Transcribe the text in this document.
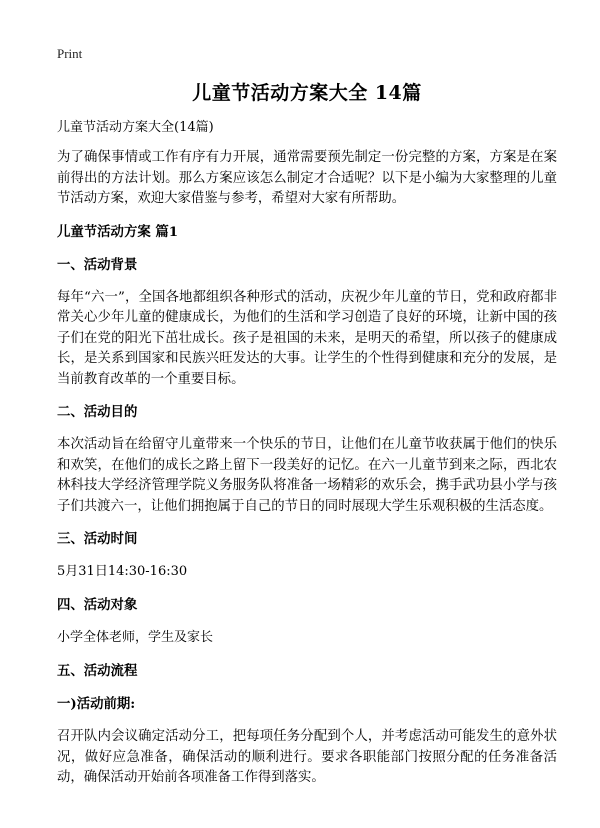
Print
儿童节活动方案大全 14篇
儿童节活动方案大全(14篇)

为了确保事情或工作有序有力开展，通常需要预先制定一份完整的方案，方案是在案前得出的方法计划。那么方案应该怎么制定才合适呢？以下是小编为大家整理的儿童节活动方案，欢迎大家借鉴与参考，希望对大家有所帮助。

儿童节活动方案 篇1
一、活动背景

每年“六一”，全国各地都组织各种形式的活动，庆祝少年儿童的节日，党和政府都非常关心少年儿童的健康成长，为他们的生活和学习创造了良好的环境，让新中国的孩子们在党的阳光下茁壮成长。孩子是祖国的未来，是明天的希望，所以孩子的健康成长，是关系到国家和民族兴旺发达的大事。让学生的个性得到健康和充分的发展，是当前教育改革的一个重要目标。

二、活动目的

本次活动旨在给留守儿童带来一个快乐的节日，让他们在儿童节收获属于他们的快乐和欢笑，在他们的成长之路上留下一段美好的记忆。在六一儿童节到来之际，西北农林科技大学经济管理学院义务服务队将准备一场精彩的欢乐会，携手武功县小学与孩子们共渡六一，让他们拥抱属于自己的节日的同时展现大学生乐观积极的生活态度。

三、活动时间

5月31日14:30-16:30

四、活动对象

小学全体老师，学生及家长

五、活动流程
一)活动前期:

召开队内会议确定活动分工，把每项任务分配到个人，并考虑活动可能发生的意外状况，做好应急准备，确保活动的顺利进行。要求各职能部门按照分配的任务准备活动，确保活动开始前各项准备工作得到落实。
